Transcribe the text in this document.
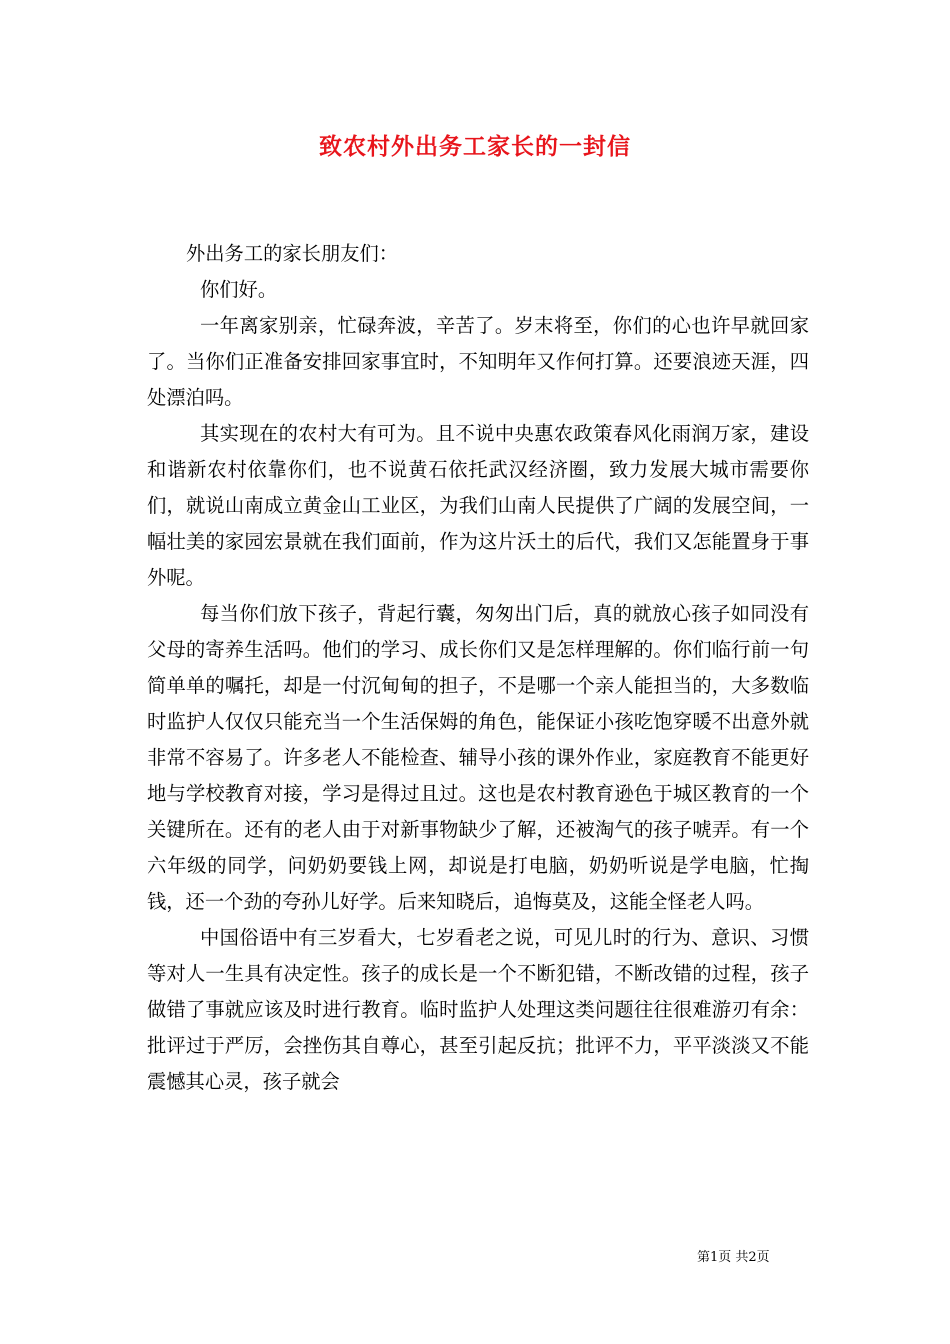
致农村外出务工家长的一封信

外出务工的家长朋友们：

你们好。

一年离家别亲，忙碌奔波，辛苦了。岁末将至，你们的心也许早就回家了。当你们正准备安排回家事宜时，不知明年又作何打算。还要浪迹天涯，四处漂泊吗。

其实现在的农村大有可为。且不说中央惠农政策春风化雨润万家，建设和谐新农村依靠你们，也不说黄石依托武汉经济圈，致力发展大城市需要你们，就说山南成立黄金山工业区，为我们山南人民提供了广阔的发展空间，一幅壮美的家园宏景就在我们面前，作为这片沃土的后代，我们又怎能置身于事外呢。

每当你们放下孩子，背起行囊，匆匆出门后，真的就放心孩子如同没有父母的寄养生活吗。他们的学习、成长你们又是怎样理解的。你们临行前一句简单单的嘱托，却是一付沉甸甸的担子，不是哪一个亲人能担当的，大多数临时监护人仅仅只能充当一个生活保姆的角色，能保证小孩吃饱穿暖不出意外就非常不容易了。许多老人不能检查、辅导小孩的课外作业，家庭教育不能更好地与学校教育对接，学习是得过且过。这也是农村教育逊色于城区教育的一个关键所在。还有的老人由于对新事物缺少了解，还被淘气的孩子唬弄。有一个六年级的同学，问奶奶要钱上网，却说是打电脑，奶奶听说是学电脑，忙掏钱，还一个劲的夸孙儿好学。后来知晓后，追悔莫及，这能全怪老人吗。

中国俗语中有三岁看大，七岁看老之说，可见儿时的行为、意识、习惯等对人一生具有决定性。孩子的成长是一个不断犯错，不断改错的过程，孩子做错了事就应该及时进行教育。临时监护人处理这类问题往往很难游刃有余：批评过于严厉，会挫伤其自尊心，甚至引起反抗；批评不力，平平淡淡又不能震憾其心灵，孩子就会

第1页 共2页
